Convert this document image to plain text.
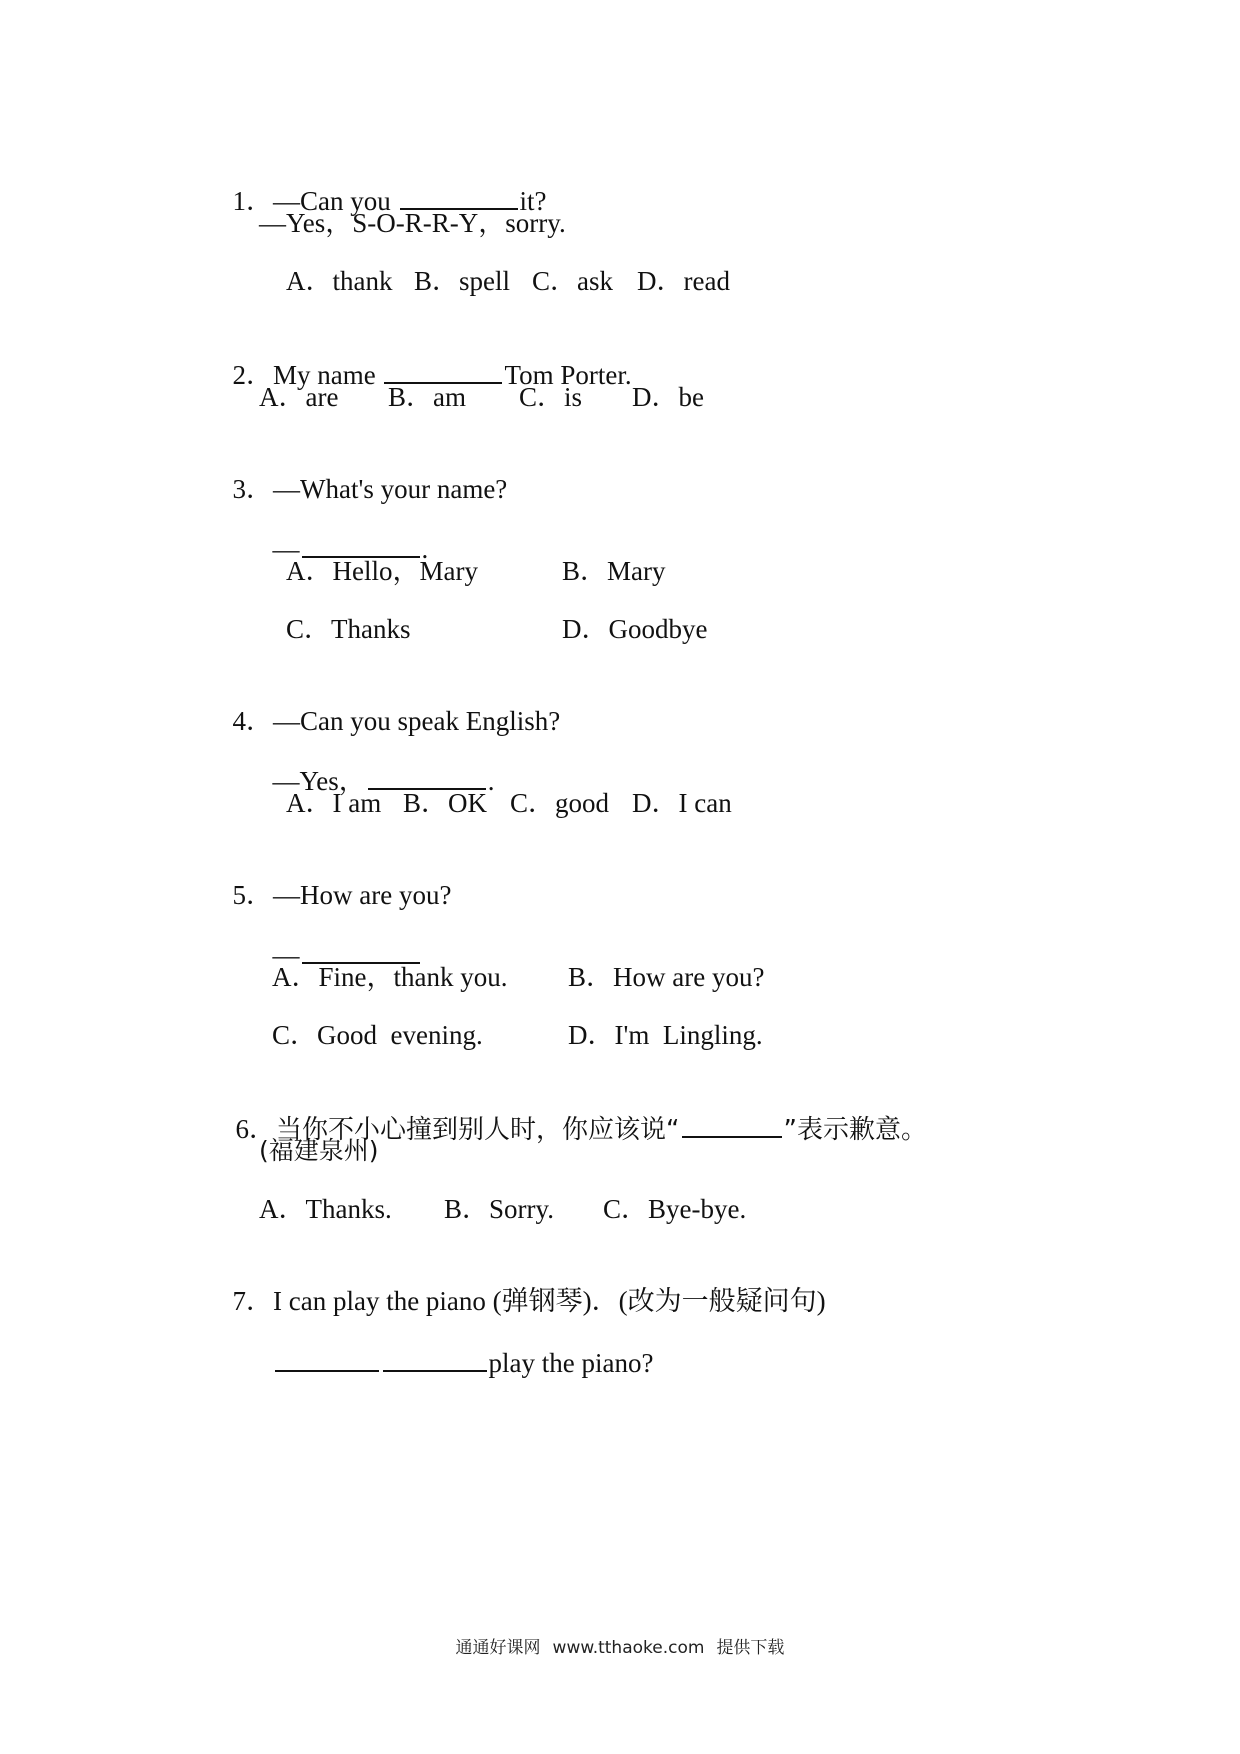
1．—Can you	it?

—Yes，S-O-R-R-Y，sorry.
A．thank B．spell C．ask D．read

2．My name	Tom Porter.

A．are B．am C．is D．be

3．—What's your name?

—	.

A．Hello，Mary	B．Mary
C．Thanks	D．Goodbye

4．—Can you speak English?

—Yes，	.

A．I am B．OK C．good D．I can

5．—How are you?

—

A．Fine，thank you. B．How are you?
C．Good  evening.	D．I'm  Lingling.

6．当你不小心撞到别人时，你应该说“	”表示歉意。

(福建泉州)
A．Thanks. B．Sorry. C．Bye-bye.

7．I can play the piano (弹钢琴)．(改为一般疑问句)

play the piano?

通通好课网 www.tthaoke.com 提供下载
